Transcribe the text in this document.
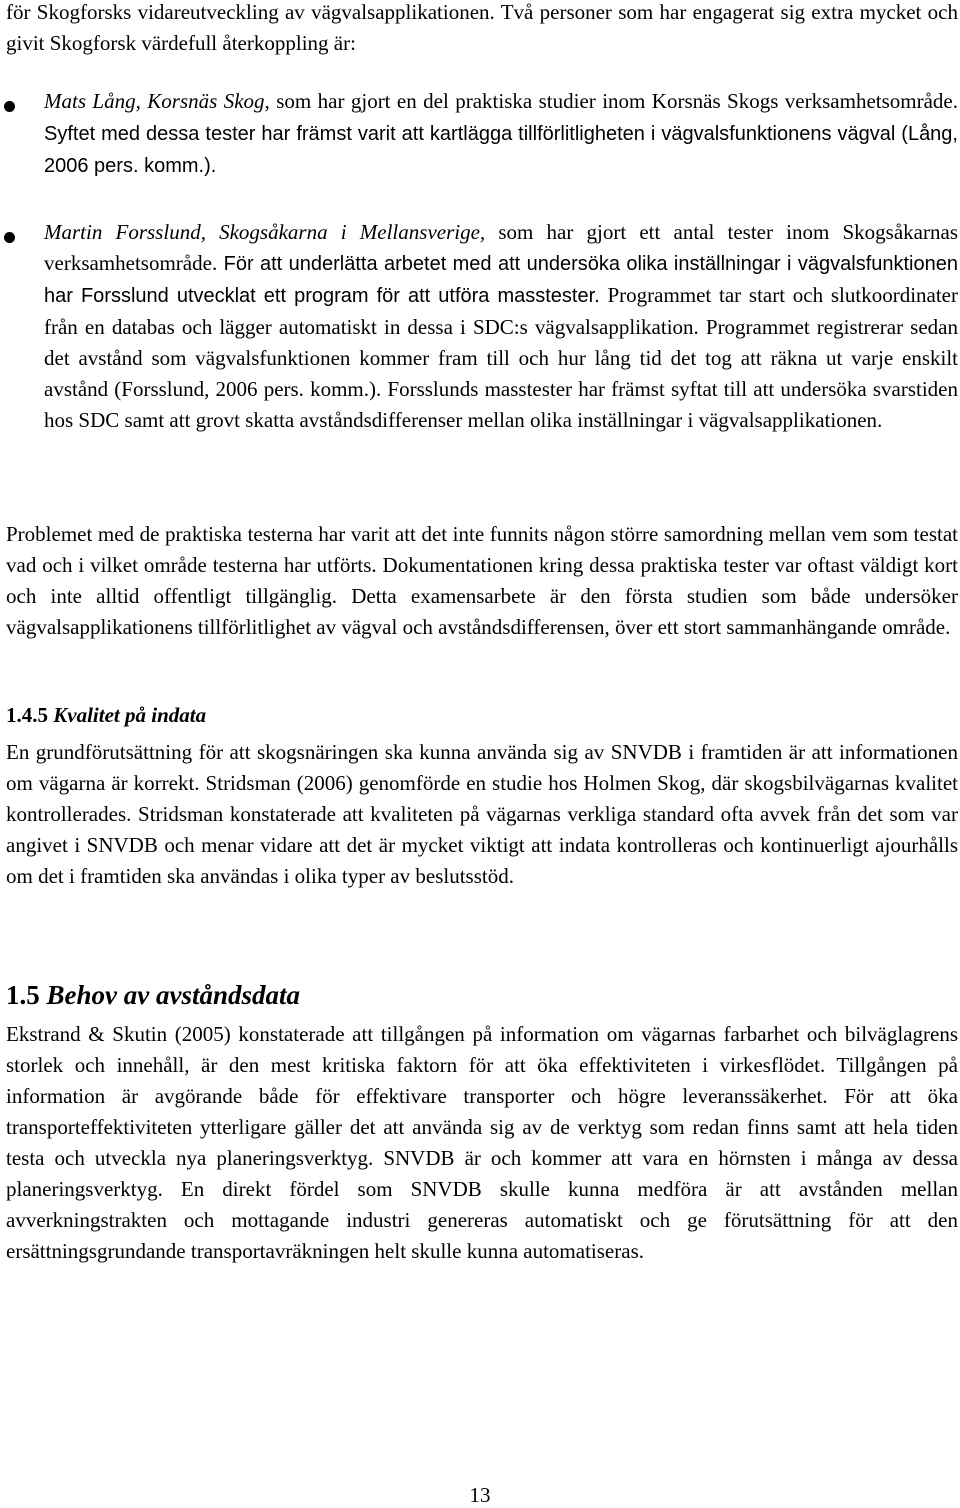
för Skogforsks vidareutveckling av vägvalsapplikationen. Två personer som har engagerat sig extra mycket och givit Skogforsk värdefull återkoppling är:
Mats Lång, Korsnäs Skog, som har gjort en del praktiska studier inom Korsnäs Skogs verksamhetsområde. Syftet med dessa tester har främst varit att kartlägga tillförlitligheten i vägvalsfunktionens vägval (Lång, 2006 pers. komm.).
Martin Forsslund, Skogsåkarna i Mellansverige, som har gjort ett antal tester inom Skogsåkarnas verksamhetsområde. För att underlätta arbetet med att undersöka olika inställningar i vägvalsfunktionen har Forsslund utvecklat ett program för att utföra masstester. Programmet tar start och slutkoordinater från en databas och lägger automatiskt in dessa i SDC:s vägvalsapplikation. Programmet registrerar sedan det avstånd som vägvalsfunktionen kommer fram till och hur lång tid det tog att räkna ut varje enskilt avstånd (Forsslund, 2006 pers. komm.). Forsslunds masstester har främst syftat till att undersöka svarstiden hos SDC samt att grovt skatta avståndsdifferenser mellan olika inställningar i vägvalsapplikationen.
Problemet med de praktiska testerna har varit att det inte funnits någon större samordning mellan vem som testat vad och i vilket område testerna har utförts. Dokumentationen kring dessa praktiska tester var oftast väldigt kort och inte alltid offentligt tillgänglig. Detta examensarbete är den första studien som både undersöker vägvalsapplikationens tillförlitlighet av vägval och avståndsdifferensen, över ett stort sammanhängande område.
1.4.5 Kvalitet på indata
En grundförutsättning för att skogsnäringen ska kunna använda sig av SNVDB i framtiden är att informationen om vägarna är korrekt. Stridsman (2006) genomförde en studie hos Holmen Skog, där skogsbilvägarnas kvalitet kontrollerades. Stridsman konstaterade att kvaliteten på vägarnas verkliga standard ofta avvek från det som var angivet i SNVDB och menar vidare att det är mycket viktigt att indata kontrolleras och kontinuerligt ajourhålls om det i framtiden ska användas i olika typer av beslutsstöd.
1.5 Behov av avståndsdata
Ekstrand & Skutin (2005) konstaterade att tillgången på information om vägarnas farbarhet och bilväglagrens storlek och innehåll, är den mest kritiska faktorn för att öka effektiviteten i virkesflödet. Tillgången på information är avgörande både för effektivare transporter och högre leveranssäkerhet. För att öka transporteffektiviteten ytterligare gäller det att använda sig av de verktyg som redan finns samt att hela tiden testa och utveckla nya planeringsverktyg. SNVDB är och kommer att vara en hörnsten i många av dessa planeringsverktyg. En direkt fördel som SNVDB skulle kunna medföra är att avstånden mellan avverkningstrakten och mottagande industri genereras automatiskt och ge förutsättning för att den ersättningsgrundande transportavräkningen helt skulle kunna automatiseras.
13
